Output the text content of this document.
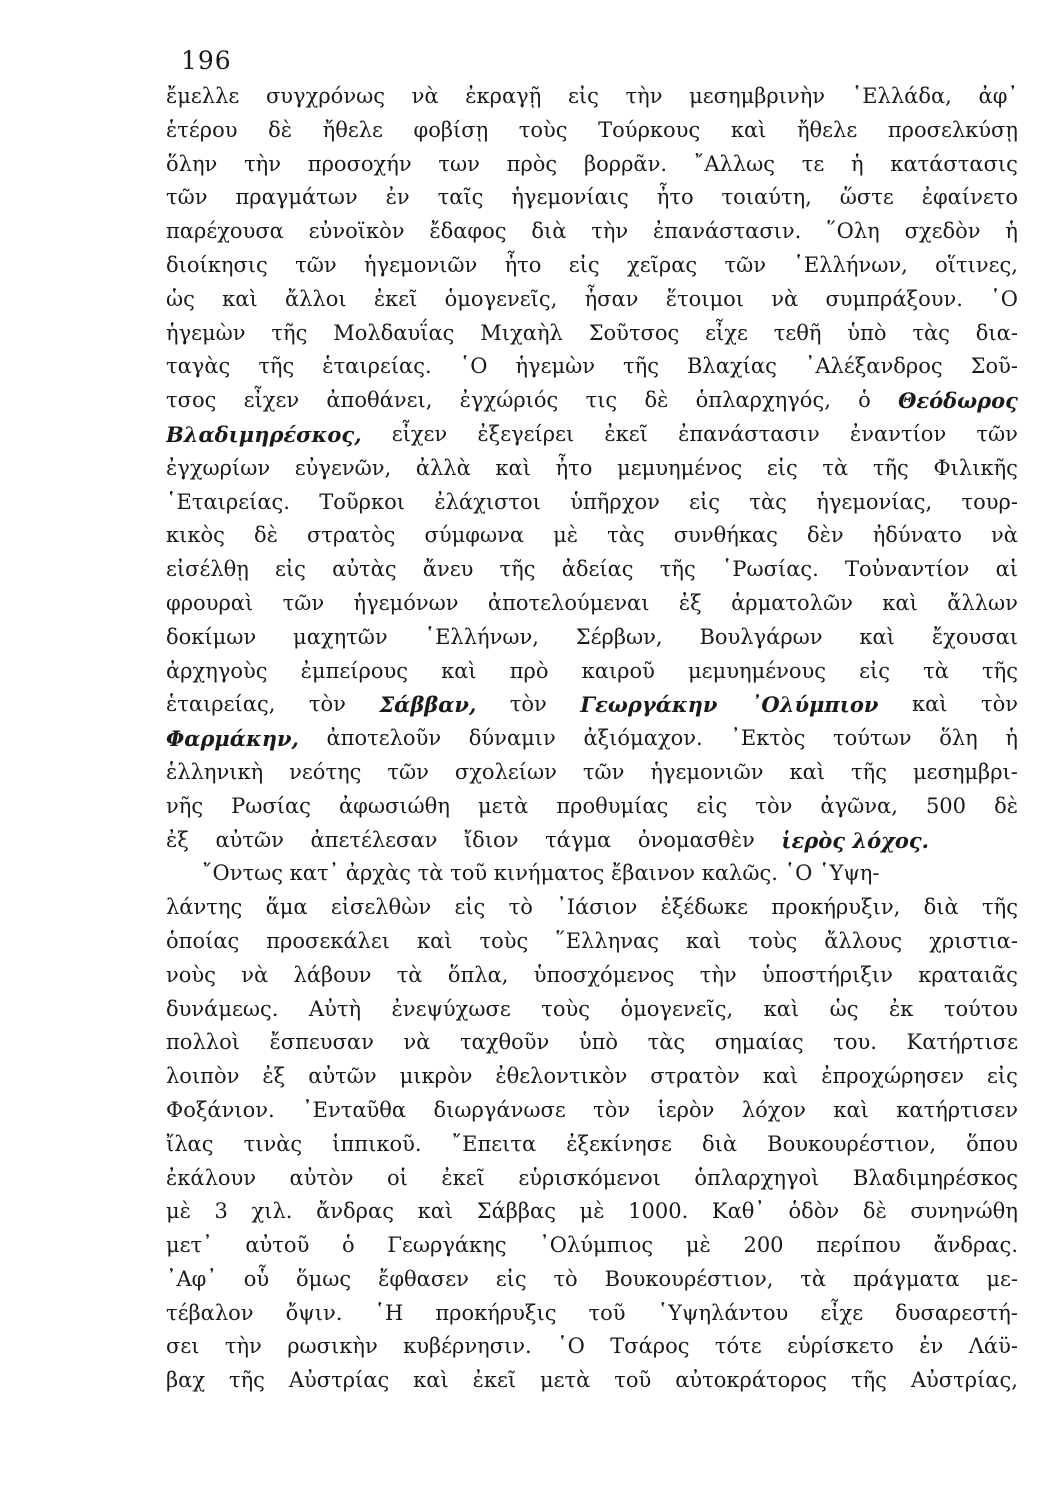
196
ἔμελλε συγχρόνως νὰ ἐκραγῇ εἰς τὴν μεσημβρινὴν ῾Ελλάδα, ἀφ᾿
ἑτέρου δὲ ἤθελε φοβίσῃ τοὺς Τούρκους καὶ ἤθελε προσελκύσῃ
ὅλην τὴν προσοχήν των πρὸς βορρᾶν. ῎Αλλως τε ἡ κατάστασις
τῶν πραγμάτων ἐν ταῖς ἡγεμονίαις ἦτο τοιαύτη, ὥστε ἐφαίνετο
παρέχουσα εὐνοϊκὸν ἔδαφος διὰ τὴν ἐπανάστασιν. ῞Ολη σχεδὸν ἡ
διοίκησις τῶν ἡγεμονιῶν ἦτο εἰς χεῖρας τῶν ῾Ελλήνων, οἵτινες,
ὡς καὶ ἄλλοι ἐκεῖ ὁμογενεῖς, ἦσαν ἕτοιμοι νὰ συμπράξουν. ῾Ο
ἡγεμὼν τῆς Μολδαυΐας Μιχαὴλ Σοῦτσος εἶχε τεθῆ ὑπὸ τὰς δια-
ταγὰς τῆς ἑταιρείας. ῾Ο ἡγεμὼν τῆς Βλαχίας ᾿Αλέξανδρος Σοῦ-
τσος εἶχεν ἀποθάνει, ἐγχώριός τις δὲ ὁπλαρχηγός, ὁ Θεόδωρος
Βλαδιμηρέσκος, εἶχεν ἐξεγείρει ἐκεῖ ἐπανάστασιν ἐναντίον τῶν
ἐγχωρίων εὐγενῶν, ἀλλὰ καὶ ἦτο μεμυημένος εἰς τὰ τῆς Φιλικῆς
῾Εταιρείας. Τοῦρκοι ἐλάχιστοι ὑπῆρχον εἰς τὰς ἡγεμονίας, τουρ-
κικὸς δὲ στρατὸς σύμφωνα μὲ τὰς συνθήκας δὲν ἠδύνατο νὰ
εἰσέλθῃ εἰς αὐτὰς ἄνευ τῆς ἀδείας τῆς ῾Ρωσίας. Τοὐναντίον αἱ
φρουραὶ τῶν ἡγεμόνων ἀποτελούμεναι ἐξ ἁρματολῶν καὶ ἄλλων
δοκίμων μαχητῶν ῾Ελλήνων, Σέρβων, Βουλγάρων καὶ ἔχουσαι
ἀρχηγοὺς ἐμπείρους καὶ πρὸ καιροῦ μεμυημένους εἰς τὰ τῆς
ἑταιρείας, τὸν Σάββαν, τὸν Γεωργάκην ᾿Ολύμπιον καὶ τὸν
Φαρμάκην, ἀποτελοῦν δύναμιν ἀξιόμαχον. ᾿Εκτὸς τούτων ὅλη ἡ
ἑλληνικὴ νεότης τῶν σχολείων τῶν ἡγεμονιῶν καὶ τῆς μεσημβρι-
νῆς Ρωσίας ἀφωσιώθη μετὰ προθυμίας εἰς τὸν ἀγῶνα, 500 δὲ
ἐξ αὐτῶν ἀπετέλεσαν ἴδιον τάγμα ὀνομασθὲν ἱερὸς λόχος.
῎Οντως κατ᾿ ἀρχὰς τὰ τοῦ κινήματος ἔβαινον καλῶς. ῾Ο ῾Υψη-
λάντης ἅμα εἰσελθὼν εἰς τὸ ᾿Ιάσιον ἐξέδωκε προκήρυξιν, διὰ τῆς
ὁποίας προσεκάλει καὶ τοὺς ῞Ελληνας καὶ τοὺς ἄλλους χριστια-
νοὺς νὰ λάβουν τὰ ὅπλα, ὑποσχόμενος τὴν ὑποστήριξιν κραταιᾶς
δυνάμεως. Αὐτὴ ἐνεψύχωσε τοὺς ὁμογενεῖς, καὶ ὡς ἐκ τούτου
πολλοὶ ἔσπευσαν νὰ ταχθοῦν ὑπὸ τὰς σημαίας του. Κατήρτισε
λοιπὸν ἐξ αὐτῶν μικρὸν ἐθελοντικὸν στρατὸν καὶ ἐπροχώρησεν εἰς
Φοξάνιον. ᾿Ενταῦθα διωργάνωσε τὸν ἱερὸν λόχον καὶ κατήρτισεν
ἴλας τινὰς ἱππικοῦ. ῎Επειτα ἐξεκίνησε διὰ Βουκουρέστιον, ὅπου
ἐκάλουν αὐτὸν οἱ ἐκεῖ εὑρισκόμενοι ὁπλαρχηγοὶ Βλαδιμηρέσκος
μὲ 3 χιλ. ἄνδρας καὶ Σάββας μὲ 1000. Καθ᾿ ὁδὸν δὲ συνηνώθη
μετ᾿ αὐτοῦ ὁ Γεωργάκης ᾿Ολύμπιος μὲ 200 περίπου ἄνδρας.
᾿Αφ᾿ οὗ ὅμως ἔφθασεν εἰς τὸ Βουκουρέστιον, τὰ πράγματα με-
τέβαλον ὄψιν. ῾Η προκήρυξις τοῦ ῾Υψηλάντου εἶχε δυσαρεστή-
σει τὴν ρωσικὴν κυβέρνησιν. ῾Ο Τσάρος τότε εὑρίσκετο ἐν Λάϋ-
βαχ τῆς Αὐστρίας καὶ ἐκεῖ μετὰ τοῦ αὐτοκράτορος τῆς Αὐστρίας,
